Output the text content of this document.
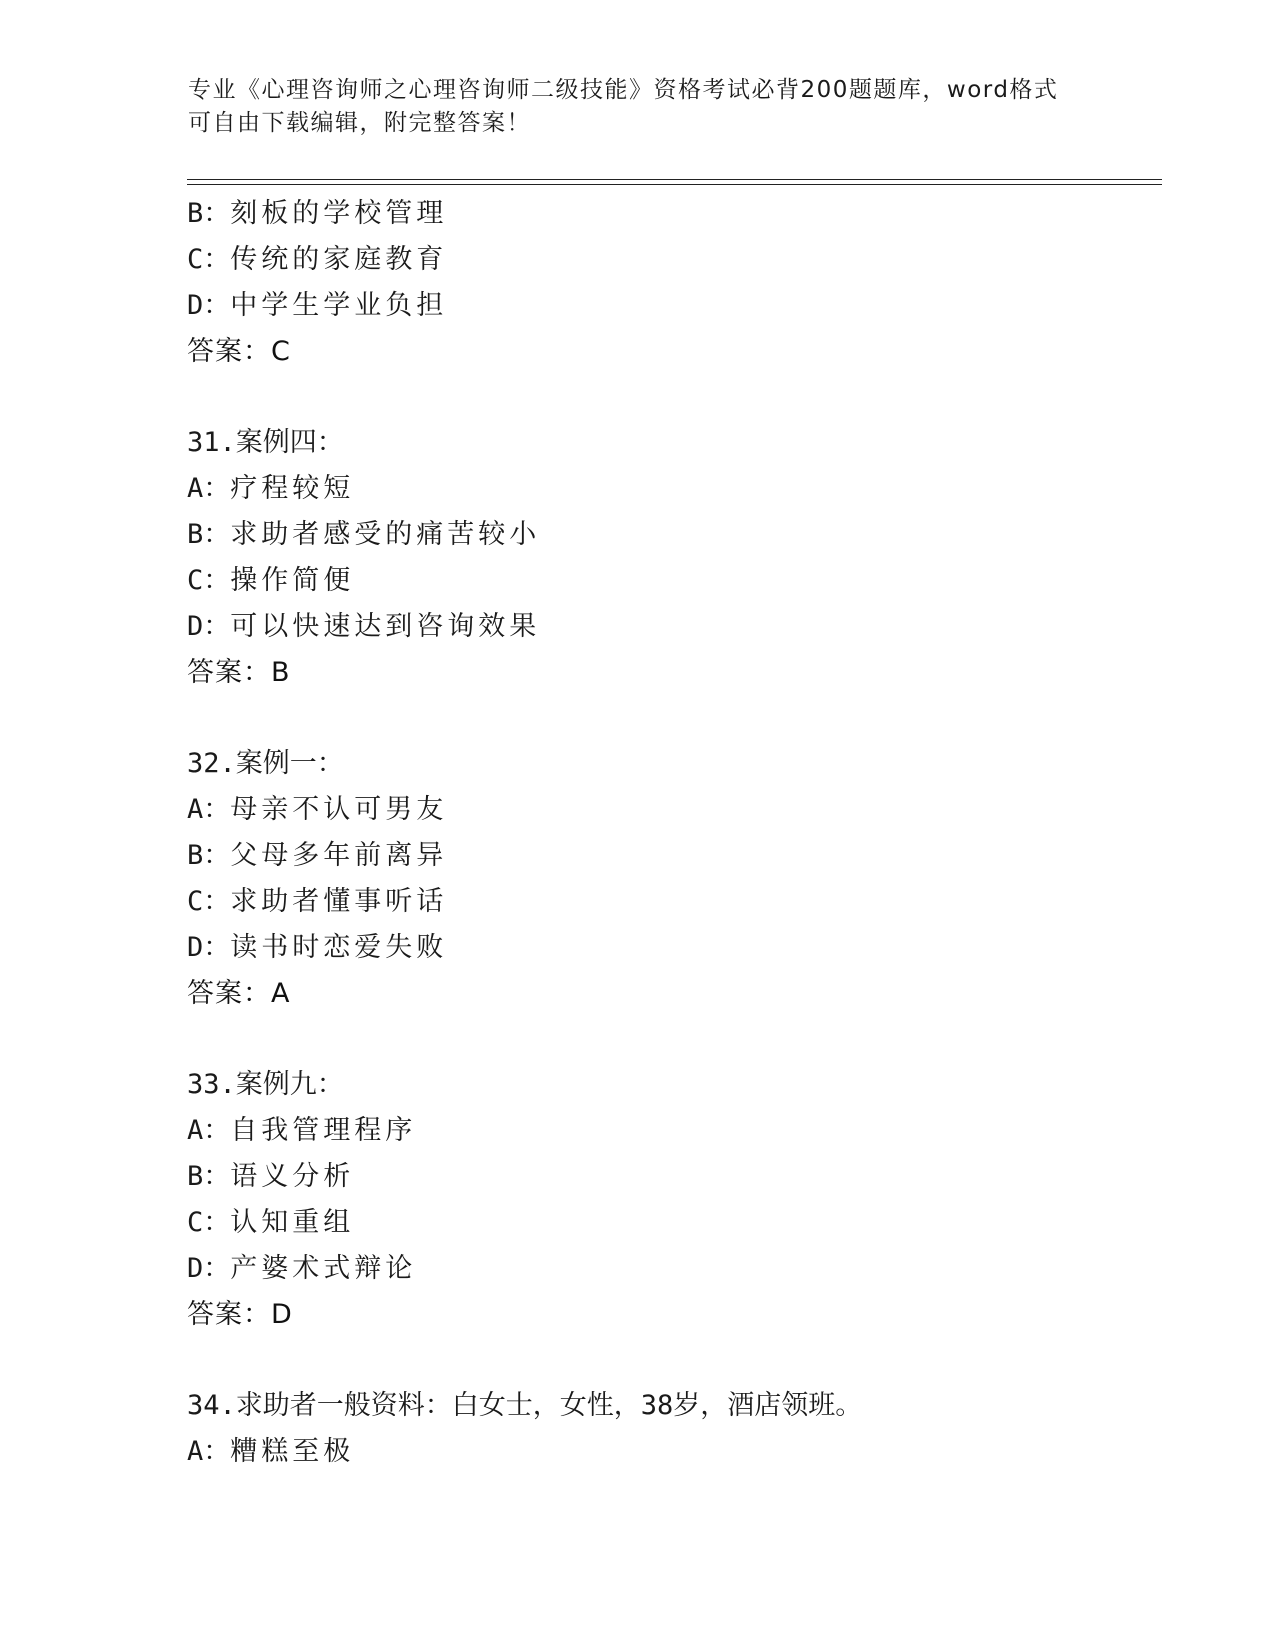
专业《心理咨询师之心理咨询师二级技能》资格考试必背200题题库，word格式
可自由下载编辑，附完整答案！
B：刻板的学校管理
C：传统的家庭教育
D：中学生学业负担
答案：C
31.案例四：
A：疗程较短
B：求助者感受的痛苦较小
C：操作简便
D：可以快速达到咨询效果
答案：B
32.案例一：
A：母亲不认可男友
B：父母多年前离异
C：求助者懂事听话
D：读书时恋爱失败
答案：A
33.案例九：
A：自我管理程序
B：语义分析
C：认知重组
D：产婆术式辩论
答案：D
34.求助者一般资料：白女士，女性，38岁，酒店领班。
A：糟糕至极
